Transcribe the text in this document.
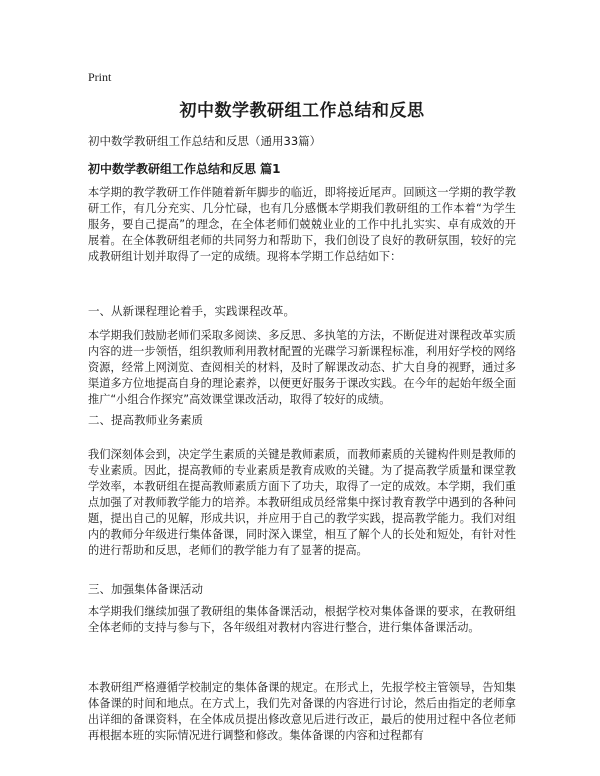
Print
初中数学教研组工作总结和反思

初中数学教研组工作总结和反思（通用33篇）

初中数学教研组工作总结和反思 篇1

本学期的教学教研工作伴随着新年脚步的临近，即将接近尾声。回顾这一学期的教学教研工作，有几分充实、几分忙碌，也有几分感慨本学期我们教研组的工作本着“为学生服务，要自己提高”的理念，在全体老师们兢兢业业的工作中扎扎实实、卓有成效的开展着。在全体教研组老师的共同努力和帮助下，我们创设了良好的教研氛围，较好的完成教研组计划并取得了一定的成绩。现将本学期工作总结如下：

一、从新课程理论着手，实践课程改革。

本学期我们鼓励老师们采取多阅读、多反思、多执笔的方法，不断促进对课程改革实质内容的进一步领悟，组织教师利用教材配置的光碟学习新课程标准，利用好学校的网络资源，经常上网浏览、查阅相关的材料，及时了解课改动态、扩大自身的视野，通过多渠道多方位地提高自身的理论素养，以便更好服务于课改实践。在今年的起始年级全面推广“小组合作探究”高效课堂课改活动，取得了较好的成绩。

二、提高教师业务素质

我们深刻体会到，决定学生素质的关键是教师素质，而教师素质的关键构件则是教师的专业素质。因此，提高教师的专业素质是教育成败的关键。为了提高教学质量和课堂教学效率，本教研组在提高教师素质方面下了功夫，取得了一定的成效。本学期，我们重点加强了对教师教学能力的培养。本教研组成员经常集中探讨教育教学中遇到的各种问题，提出自己的见解，形成共识，并应用于自己的教学实践，提高教学能力。我们对组内的教师分年级进行集体备课，同时深入课堂，相互了解个人的长处和短处，有针对性的进行帮助和反思，老师们的教学能力有了显著的提高。

三、加强集体备课活动

本学期我们继续加强了教研组的集体备课活动，根据学校对集体备课的要求，在教研组全体老师的支持与参与下，各年级组对教材内容进行整合，进行集体备课活动。

本教研组严格遵循学校制定的集体备课的规定。在形式上，先报学校主管领导，告知集体备课的时间和地点。在方式上，我们先对备课的内容进行讨论，然后由指定的老师拿出详细的备课资料，在全体成员提出修改意见后进行改正，最后的使用过程中各位老师再根据本班的实际情况进行调整和修改。集体备课的内容和过程都有
